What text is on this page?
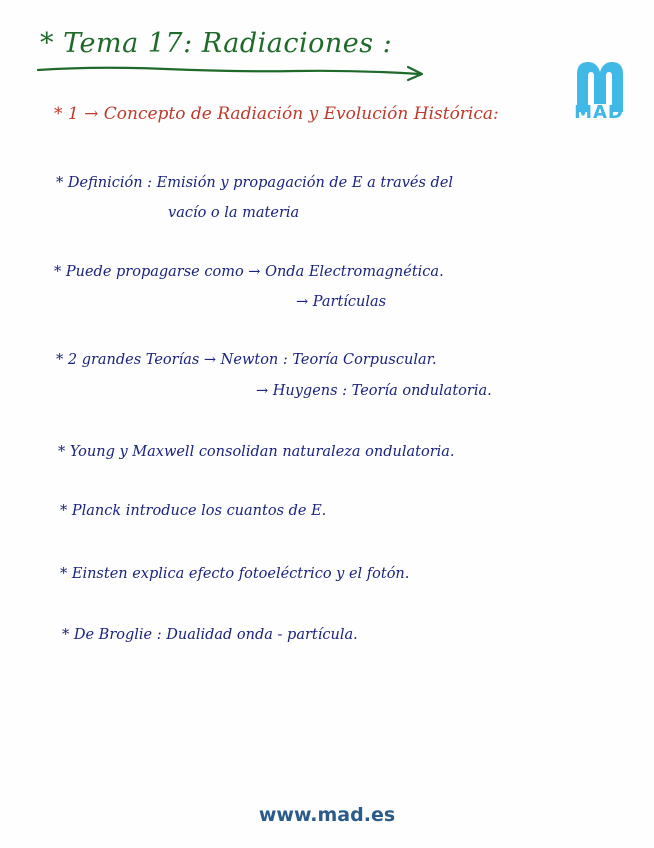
* Tema 17: Radiaciones :
MAD
* 1 → Concepto de Radiación y Evolución Histórica:
* Definición : Emisión y propagación de E a través del
vacío o la materia
* Puede propagarse como → Onda Electromagnética.
→ Partículas
* 2 grandes Teorías → Newton : Teoría Corpuscular.
→ Huygens : Teoría ondulatoria.
* Young y Maxwell consolidan naturaleza ondulatoria.
* Planck introduce los cuantos de E.
* Einsten explica efecto fotoeléctrico y el fotón.
* De Broglie : Dualidad onda - partícula.
www.mad.es
